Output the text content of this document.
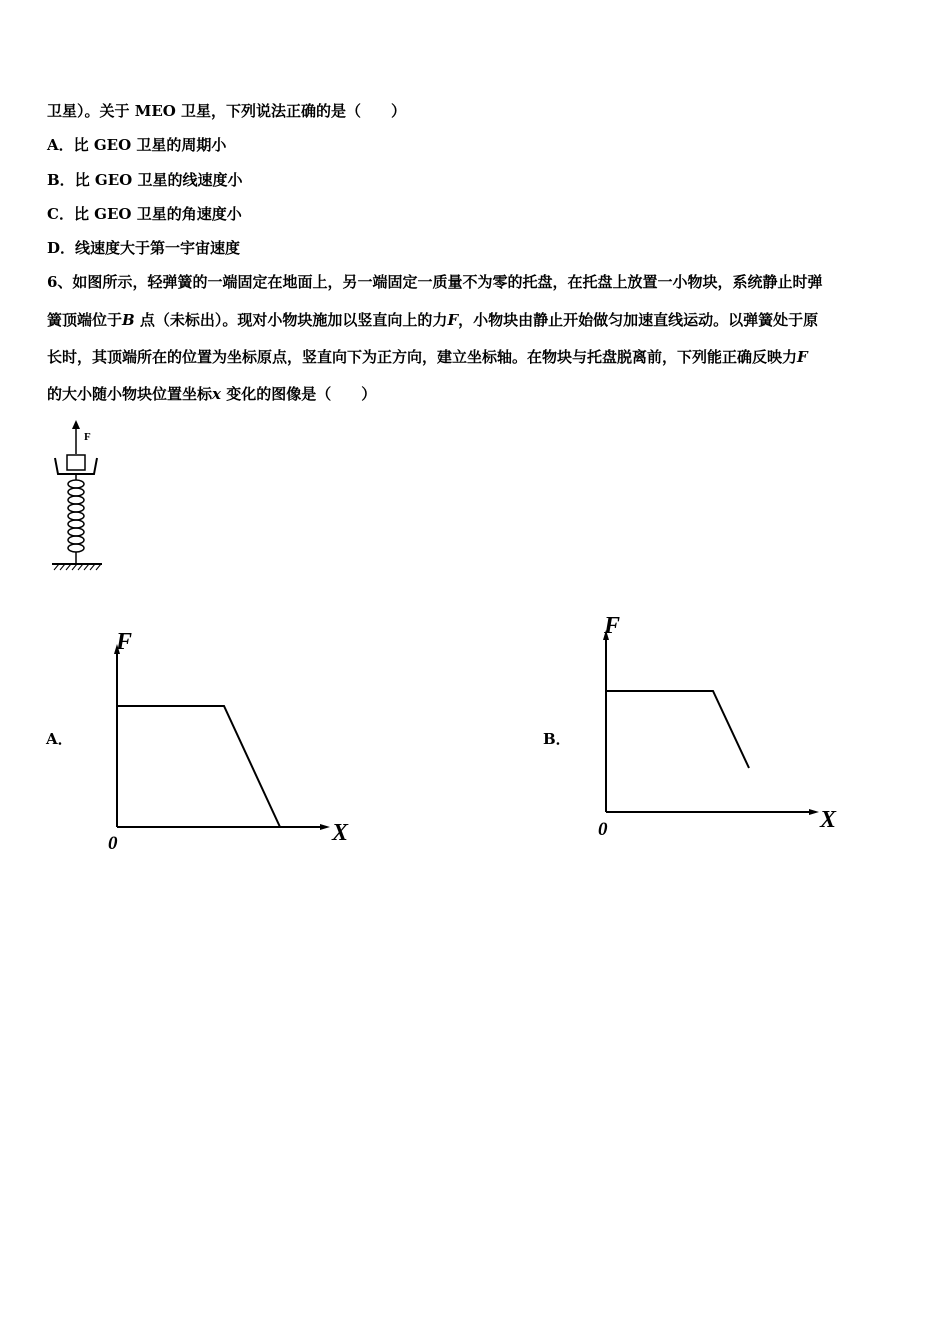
卫星）。关于 MEO 卫星，下列说法正确的是（　　）
A．比 GEO 卫星的周期小
B．比 GEO 卫星的线速度小
C．比 GEO 卫星的角速度小
D．线速度大于第一宇宙速度
6、如图所示，轻弹簧的一端固定在地面上，另一端固定一质量不为零的托盘，在托盘上放置一小物块，系统静止时弹
簧顶端位于B 点（未标出）。现对小物块施加以竖直向上的力F，小物块由静止开始做匀加速直线运动。以弹簧处于原
长时，其顶端所在的位置为坐标原点，竖直向下为正方向，建立坐标轴。在物块与托盘脱离前，下列能正确反映力F
的大小随小物块位置坐标x 变化的图像是（　　）
F
A．
F
X
0
B．
F
X
0
